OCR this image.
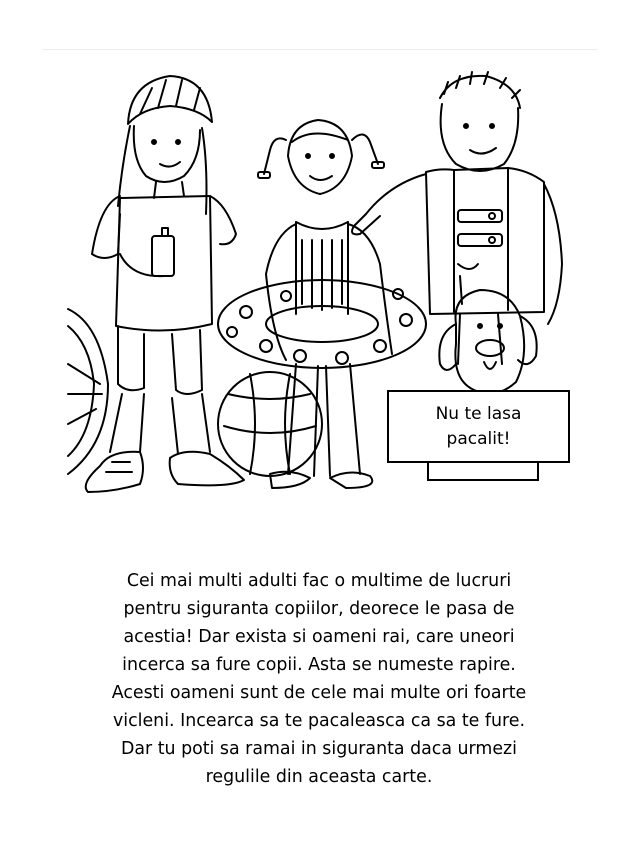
Nu te lasa
pacalit!
Cei mai multi adulti fac o multime de lucruri
pentru siguranta copiilor, deorece le pasa de
acestia! Dar exista si oameni rai, care uneori
incerca sa fure copii. Asta se numeste rapire.
Acesti oameni sunt de cele mai multe ori foarte
vicleni. Incearca sa te pacaleasca ca sa te fure.
Dar tu poti sa ramai in siguranta daca urmezi
regulile din aceasta carte.
